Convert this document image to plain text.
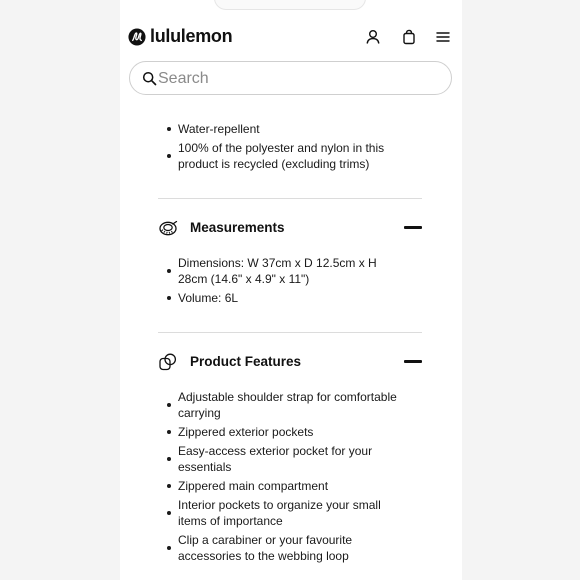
lululemon
Search
Water-repellent
100% of the polyester and nylon in this product is recycled (excluding trims)
Measurements
Dimensions: W 37cm x D 12.5cm x H 28cm (14.6" x 4.9" x 11")
Volume: 6L
Product Features
Adjustable shoulder strap for comfortable carrying
Zippered exterior pockets
Easy-access exterior pocket for your essentials
Zippered main compartment
Interior pockets to organize your small items of importance
Clip a carabiner or your favourite accessories to the webbing loop
